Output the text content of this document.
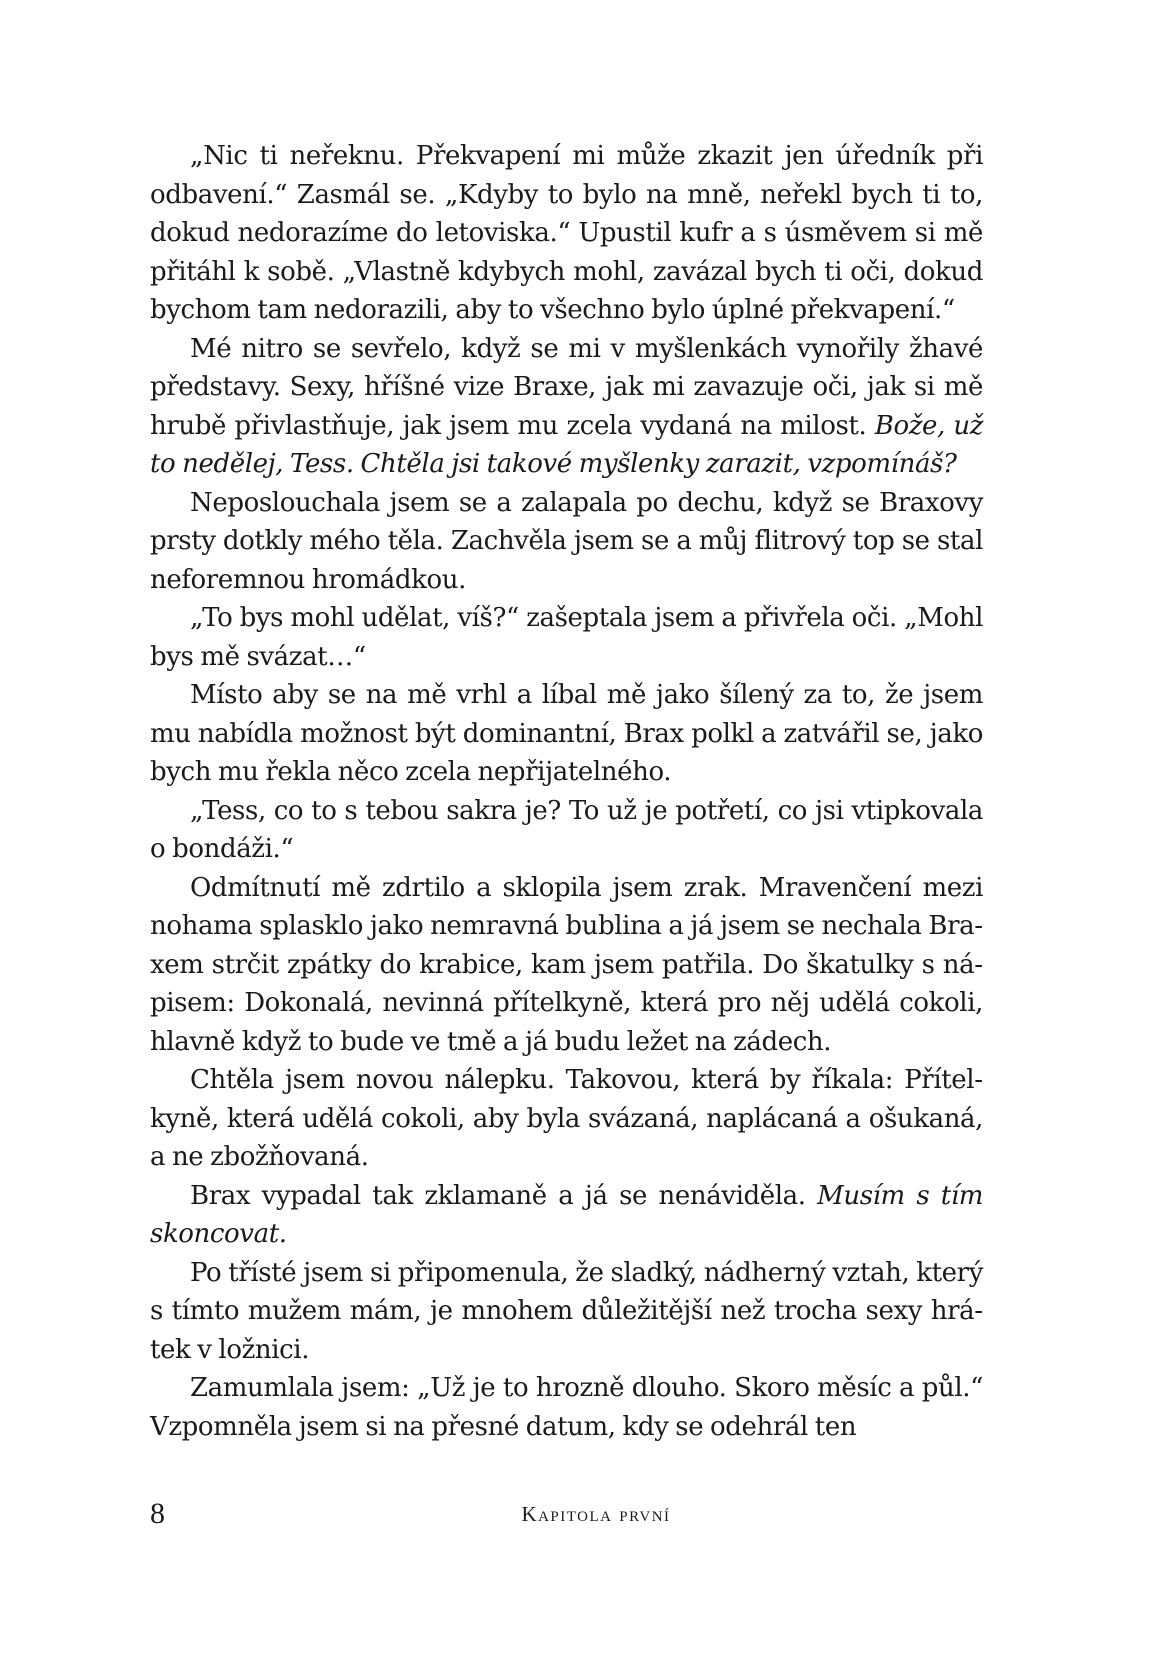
„Nic ti neřeknu. Překvapení mi může zkazit jen úředník při odbavení.“ Zasmál se. „Kdyby to bylo na mně, neřekl bych ti to, dokud nedorazíme do letoviska.“ Upustil kufr a s úsměvem si mě přitáhl k sobě. „Vlastně kdybych mohl, zavázal bych ti oči, dokud bychom tam nedorazili, aby to všechno bylo úplné překvapení.“

Mé nitro se sevřelo, když se mi v myšlenkách vynořily žhavé představy. Sexy, hříšné vize Braxe, jak mi zavazuje oči, jak si mě hrubě přivlastňuje, jak jsem mu zcela vydaná na milost. Bože, už to nedělej, Tess. Chtěla jsi takové myšlenky zarazit, vzpomínáš?

Neposlouchala jsem se a zalapala po dechu, když se Braxovy prsty dotkly mého těla. Zachvěla jsem se a můj flitrový top se stal neforemnou hromádkou.

„To bys mohl udělat, víš?“ zašeptala jsem a přivřela oči. „Mohl bys mě svázat…“

Místo aby se na mě vrhl a líbal mě jako šílený za to, že jsem mu nabídla možnost být dominantní, Brax polkl a zatvářil se, jako bych mu řekla něco zcela nepřijatelného.

„Tess, co to s tebou sakra je? To už je potřetí, co jsi vtipkovala o bondáži.“

Odmítnutí mě zdrtilo a sklopila jsem zrak. Mravenčení mezi nohama splasklo jako nemravná bublina a já jsem se nechala Braxem strčit zpátky do krabice, kam jsem patřila. Do škatulky s nápisem: Dokonalá, nevinná přítelkyně, která pro něj udělá cokoli, hlavně když to bude ve tmě a já budu ležet na zádech.

Chtěla jsem novou nálepku. Takovou, která by říkala: Přítelkyně, která udělá cokoli, aby byla svázaná, naplácaná a ošukaná, a ne zbožňovaná.

Brax vypadal tak zklamaně a já se nenáviděla. Musím s tím skoncovat.

Po třísté jsem si připomenula, že sladký, nádherný vztah, který s tímto mužem mám, je mnohem důležitější než trocha sexy hrátek v ložnici.

Zamumlala jsem: „Už je to hrozně dlouho. Skoro měsíc a půl.“ Vzpomněla jsem si na přesné datum, kdy se odehrál ten

8	Kapitola první
